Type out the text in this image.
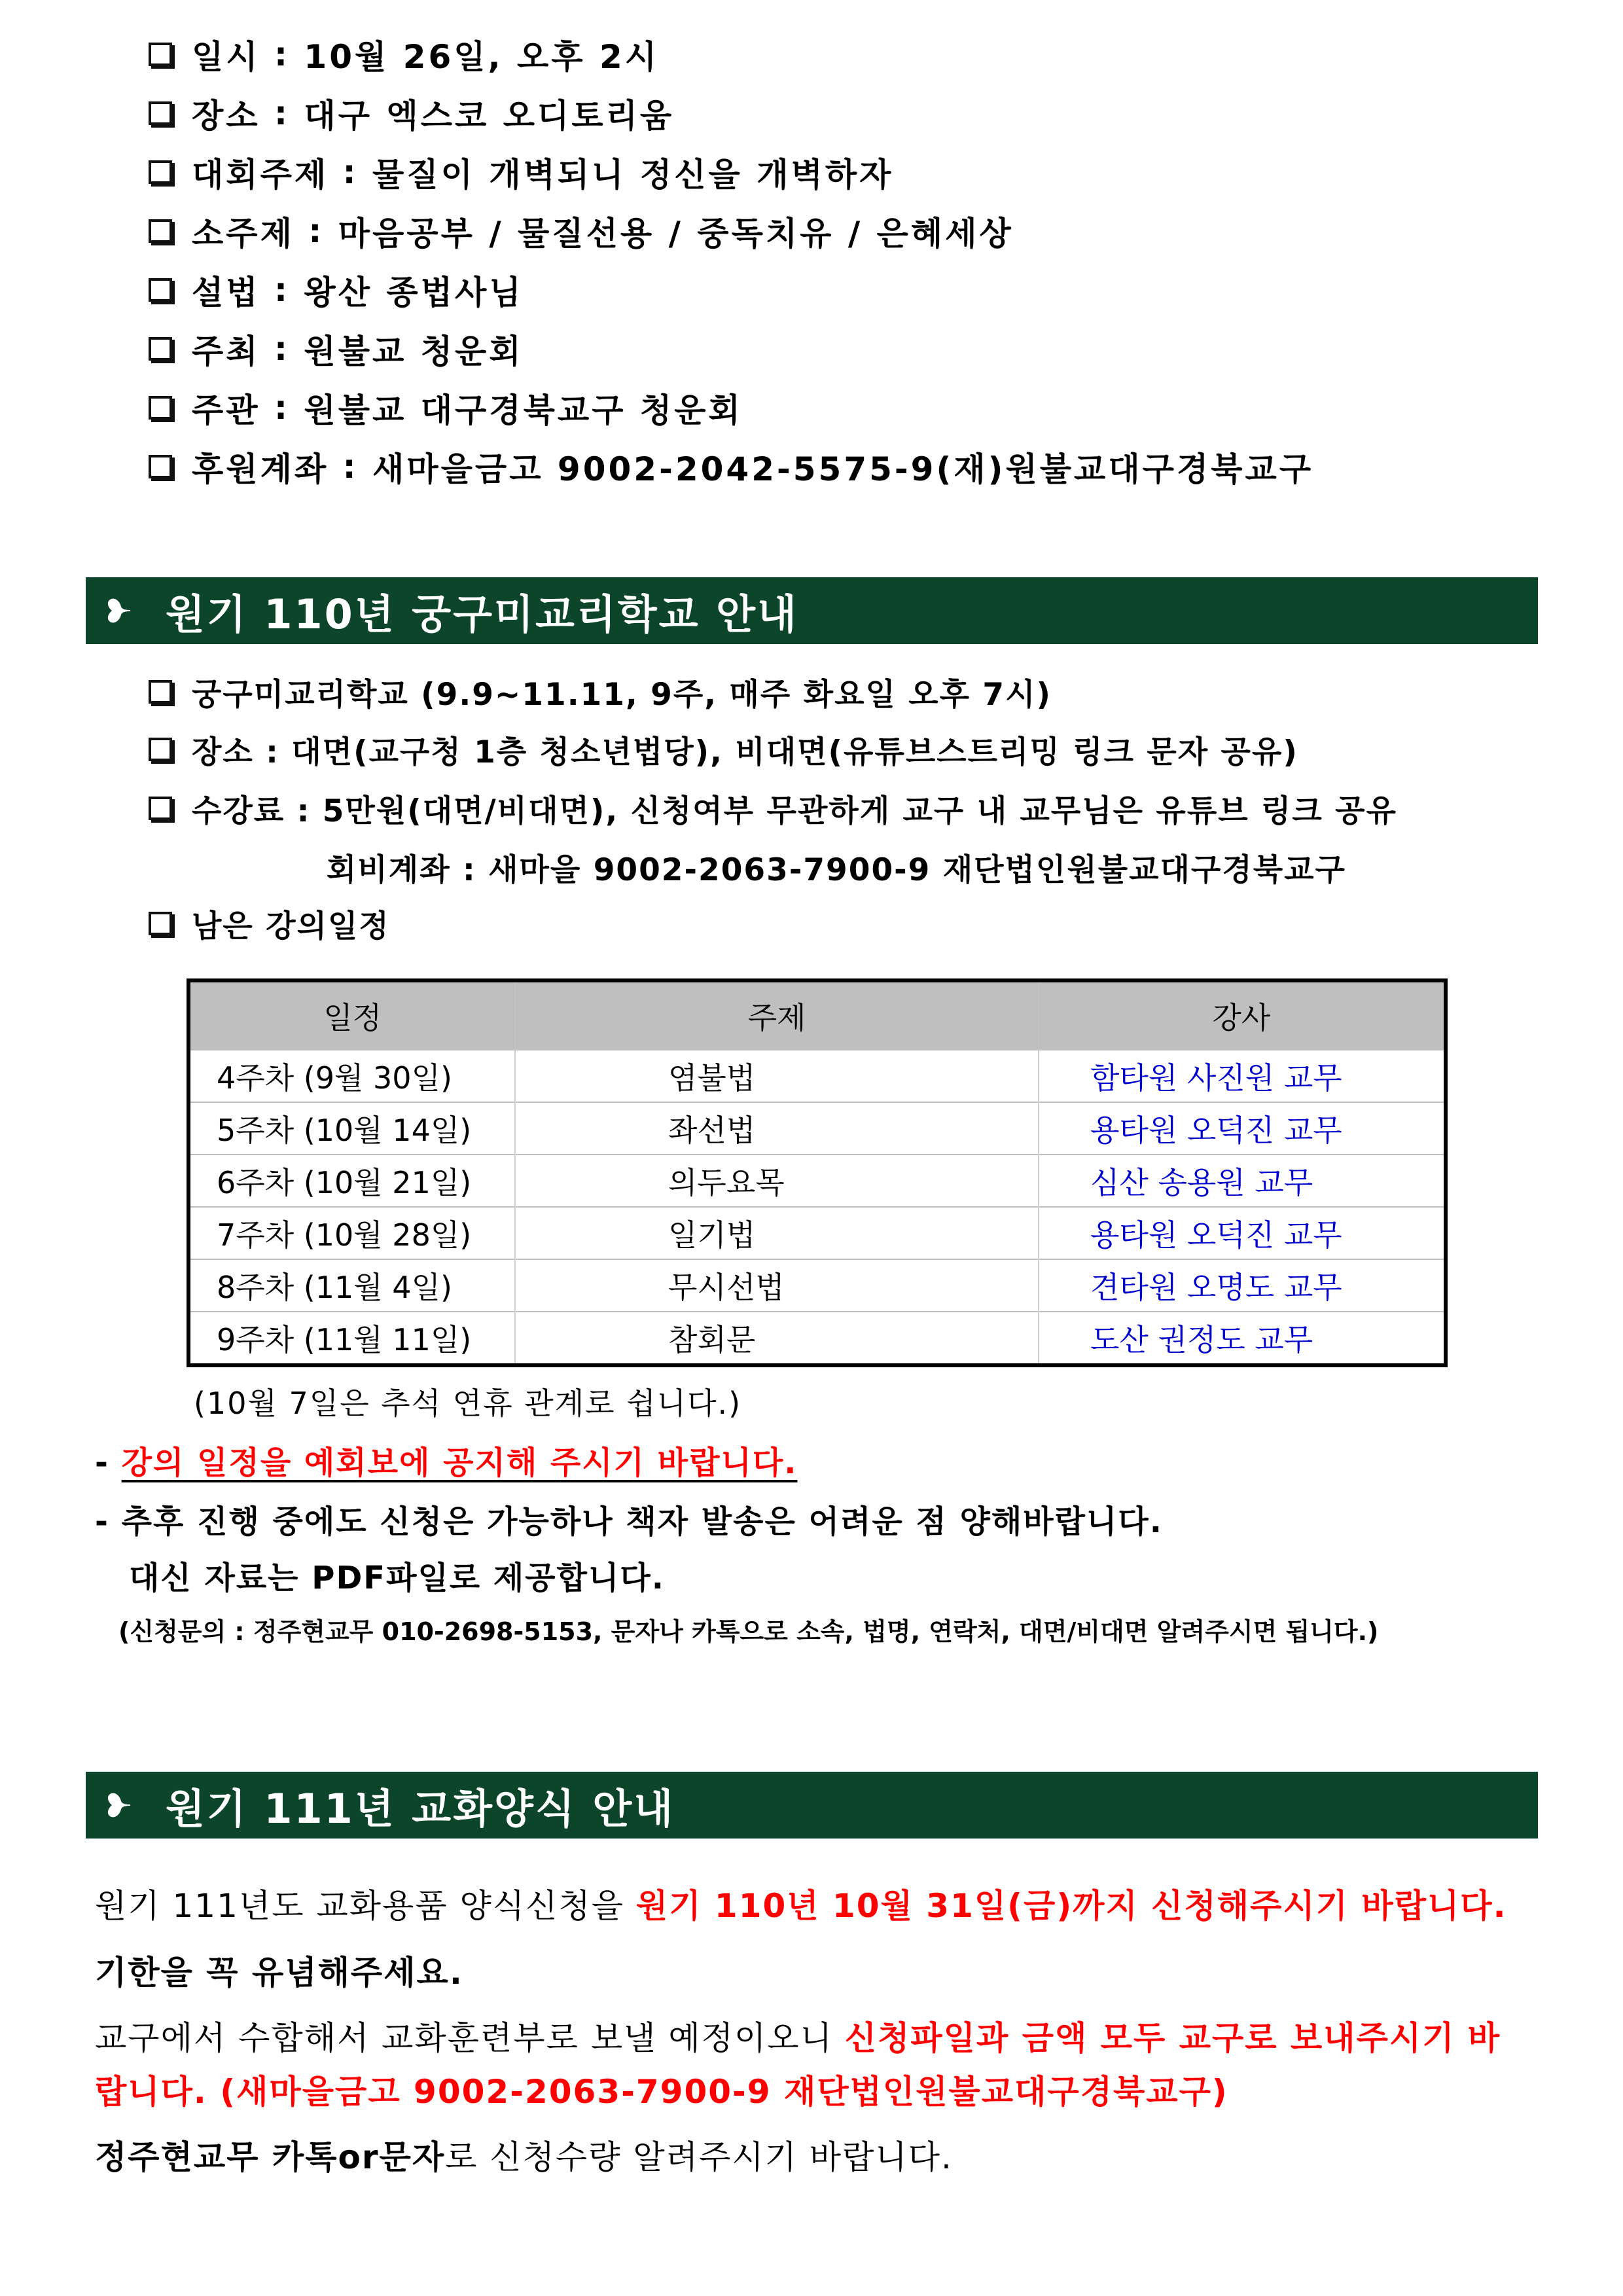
일시 : 10월 26일, 오후 2시
장소 : 대구 엑스코 오디토리움
대회주제 : 물질이 개벽되니 정신을 개벽하자
소주제 : 마음공부 / 물질선용 / 중독치유 / 은혜세상
설법 : 왕산 종법사님
주최 : 원불교 청운회
주관 : 원불교 대구경북교구 청운회
후원계좌 : 새마을금고 9002-2042-5575-9(재)원불교대구경북교구
원기 110년 궁구미교리학교 안내
궁구미교리학교 (9.9~11.11, 9주, 매주 화요일 오후 7시)
장소 : 대면(교구청 1층 청소년법당), 비대면(유튜브스트리밍 링크 문자 공유)
수강료 : 5만원(대면/비대면), 신청여부 무관하게 교구 내 교무님은 유튜브 링크 공유
회비계좌 : 새마을 9002-2063-7900-9 재단법인원불교대구경북교구
남은 강의일정
일정	주제	강사
4주차 (9월 30일)	염불법	함타원 사진원 교무
5주차 (10월 14일)	좌선법	용타원 오덕진 교무
6주차 (10월 21일)	의두요목	심산 송용원 교무
7주차 (10월 28일)	일기법	용타원 오덕진 교무
8주차 (11월 4일)	무시선법	견타원 오명도 교무
9주차 (11월 11일)	참회문	도산 권정도 교무
(10월 7일은 추석 연휴 관계로 쉽니다.)
- 강의 일정을 예회보에 공지해 주시기 바랍니다.
- 추후 진행 중에도 신청은 가능하나 책자 발송은 어려운 점 양해바랍니다.
대신 자료는 PDF파일로 제공합니다.
(신청문의 : 정주현교무 010-2698-5153, 문자나 카톡으로 소속, 법명, 연락처, 대면/비대면 알려주시면 됩니다.)
원기 111년 교화양식 안내
원기 111년도 교화용품 양식신청을 원기 110년 10월 31일(금)까지 신청해주시기 바랍니다.
기한을 꼭 유념해주세요.
교구에서 수합해서 교화훈련부로 보낼 예정이오니 신청파일과 금액 모두 교구로 보내주시기 바
랍니다. (새마을금고 9002-2063-7900-9 재단법인원불교대구경북교구)
정주현교무 카톡or문자로 신청수량 알려주시기 바랍니다.
